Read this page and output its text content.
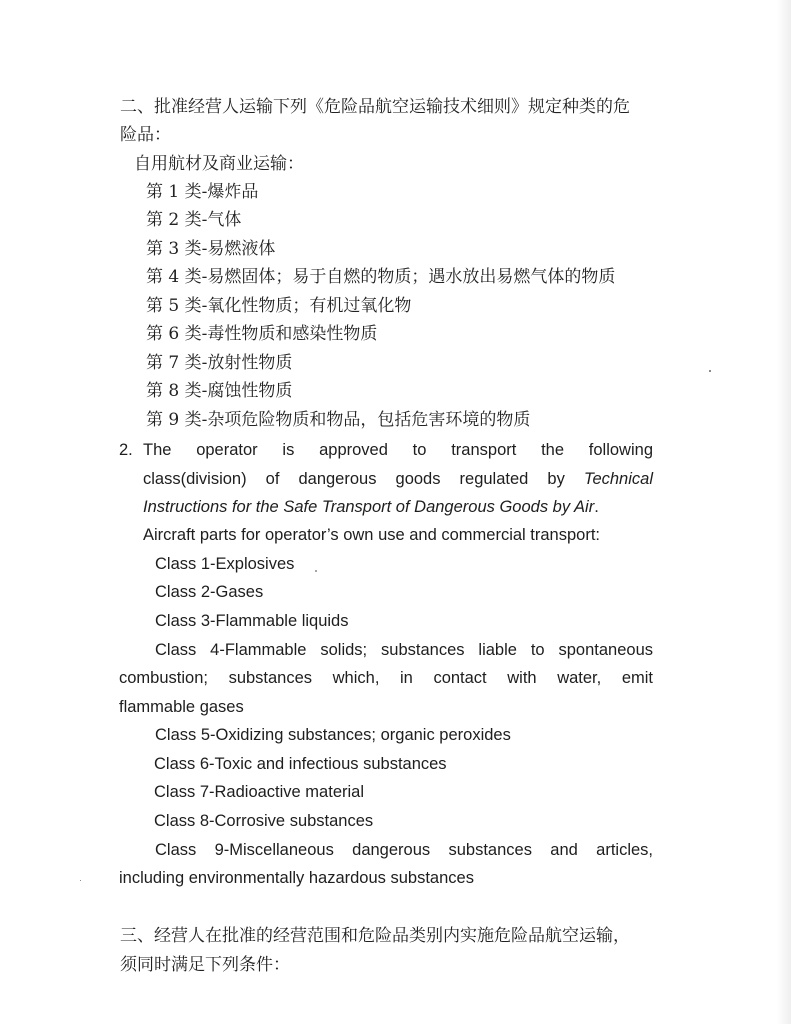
二、批准经营人运输下列《危险品航空运输技术细则》规定种类的危
险品：
自用航材及商业运输：
第 1 类-爆炸品
第 2 类-气体
第 3 类-易燃液体
第 4 类-易燃固体；易于自燃的物质；遇水放出易燃气体的物质
第 5 类-氧化性物质；有机过氧化物
第 6 类-毒性物质和感染性物质
第 7 类-放射性物质
第 8 类-腐蚀性物质
第 9 类-杂项危险物质和物品，包括危害环境的物质
2. The operator is approved to transport the following
class(division) of dangerous goods regulated by Technical
Instructions for the Safe Transport of Dangerous Goods by Air.
Aircraft parts for operator’s own use and commercial transport:
Class 1-Explosives
Class 2-Gases
Class 3-Flammable liquids
Class 4-Flammable solids; substances liable to spontaneous
combustion; substances which, in contact with water, emit
flammable gases
Class 5-Oxidizing substances; organic peroxides
Class 6-Toxic and infectious substances
Class 7-Radioactive material
Class 8-Corrosive substances
Class 9-Miscellaneous dangerous substances and articles,
including environmentally hazardous substances
三、经营人在批准的经营范围和危险品类别内实施危险品航空运输，
须同时满足下列条件：
